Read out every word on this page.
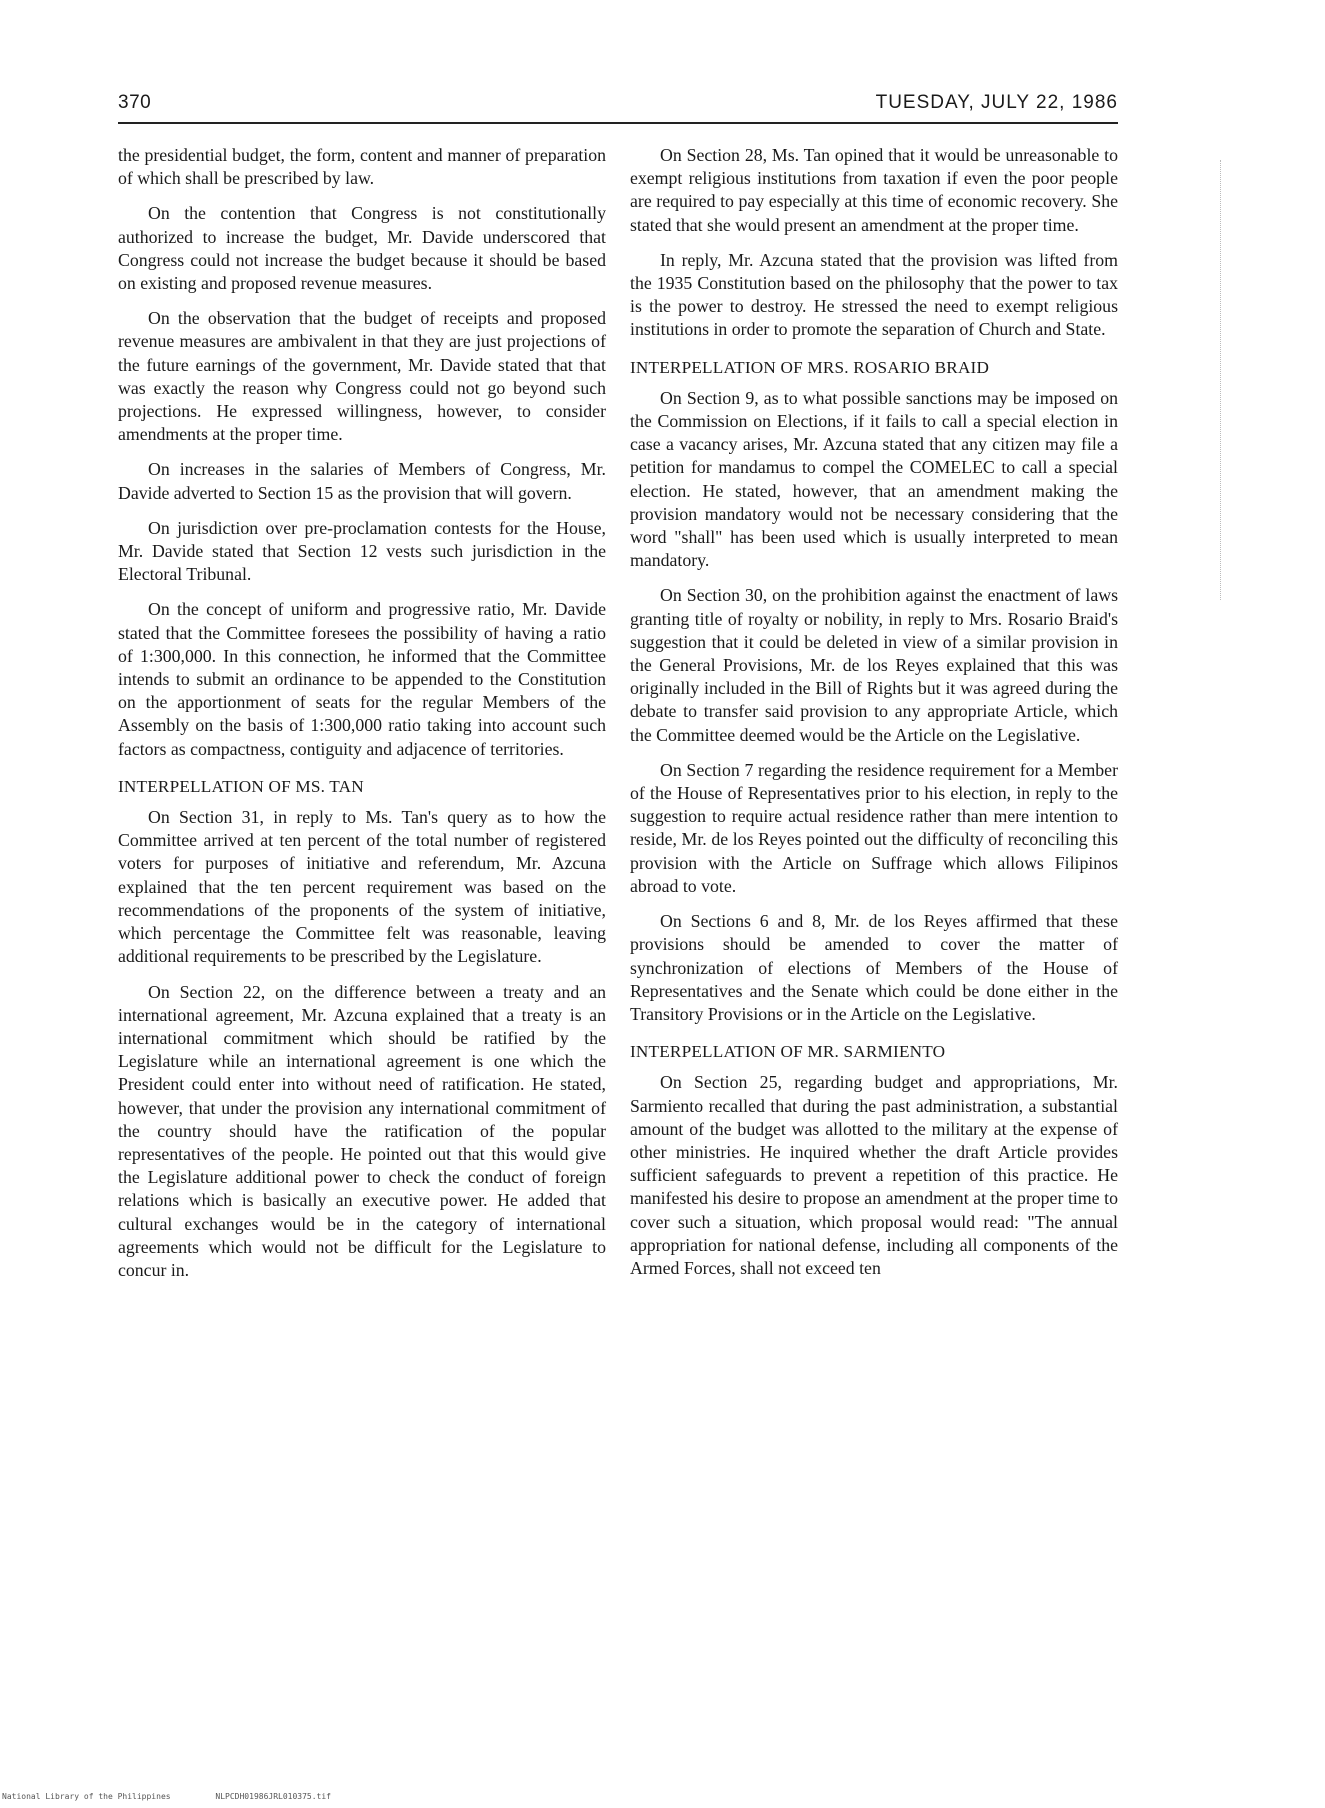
370	TUESDAY, JULY 22, 1986

the presidential budget, the form, content and manner of preparation of which shall be prescribed by law.

On the contention that Congress is not constitutionally authorized to increase the budget, Mr. Davide underscored that Congress could not increase the budget because it should be based on existing and proposed revenue measures.

On the observation that the budget of receipts and proposed revenue measures are ambivalent in that they are just projections of the future earnings of the government, Mr. Davide stated that that was exactly the reason why Congress could not go beyond such projections. He expressed willingness, however, to consider amendments at the proper time.

On increases in the salaries of Members of Congress, Mr. Davide adverted to Section 15 as the provision that will govern.

On jurisdiction over pre-proclamation contests for the House, Mr. Davide stated that Section 12 vests such jurisdiction in the Electoral Tribunal.

On the concept of uniform and progressive ratio, Mr. Davide stated that the Committee foresees the possibility of having a ratio of 1:300,000. In this connection, he informed that the Committee intends to submit an ordinance to be appended to the Constitution on the apportionment of seats for the regular Members of the Assembly on the basis of 1:300,000 ratio taking into account such factors as compactness, contiguity and adjacence of territories.

INTERPELLATION OF MS. TAN

On Section 31, in reply to Ms. Tan's query as to how the Committee arrived at ten percent of the total number of registered voters for purposes of initiative and referendum, Mr. Azcuna explained that the ten percent requirement was based on the recommendations of the proponents of the system of initiative, which percentage the Committee felt was reasonable, leaving additional requirements to be prescribed by the Legislature.

On Section 22, on the difference between a treaty and an international agreement, Mr. Azcuna explained that a treaty is an international commitment which should be ratified by the Legislature while an international agreement is one which the President could enter into without need of ratification. He stated, however, that under the provision any international commitment of the country should have the ratification of the popular representatives of the people. He pointed out that this would give the Legislature additional power to check the conduct of foreign relations which is basically an executive power. He added that cultural exchanges would be in the category of international agreements which would not be difficult for the Legislature to concur in.

On Section 28, Ms. Tan opined that it would be unreasonable to exempt religious institutions from taxation if even the poor people are required to pay especially at this time of economic recovery. She stated that she would present an amendment at the proper time.

In reply, Mr. Azcuna stated that the provision was lifted from the 1935 Constitution based on the philosophy that the power to tax is the power to destroy. He stressed the need to exempt religious institutions in order to promote the separation of Church and State.

INTERPELLATION OF MRS. ROSARIO BRAID

On Section 9, as to what possible sanctions may be imposed on the Commission on Elections, if it fails to call a special election in case a vacancy arises, Mr. Azcuna stated that any citizen may file a petition for mandamus to compel the COMELEC to call a special election. He stated, however, that an amendment making the provision mandatory would not be necessary considering that the word "shall" has been used which is usually interpreted to mean mandatory.

On Section 30, on the prohibition against the enactment of laws granting title of royalty or nobility, in reply to Mrs. Rosario Braid's suggestion that it could be deleted in view of a similar provision in the General Provisions, Mr. de los Reyes explained that this was originally included in the Bill of Rights but it was agreed during the debate to transfer said provision to any appropriate Article, which the Committee deemed would be the Article on the Legislative.

On Section 7 regarding the residence requirement for a Member of the House of Representatives prior to his election, in reply to the suggestion to require actual residence rather than mere intention to reside, Mr. de los Reyes pointed out the difficulty of reconciling this provision with the Article on Suffrage which allows Filipinos abroad to vote.

On Sections 6 and 8, Mr. de los Reyes affirmed that these provisions should be amended to cover the matter of synchronization of elections of Members of the House of Representatives and the Senate which could be done either in the Transitory Provisions or in the Article on the Legislative.

INTERPELLATION OF MR. SARMIENTO

On Section 25, regarding budget and appropriations, Mr. Sarmiento recalled that during the past administration, a substantial amount of the budget was allotted to the military at the expense of other ministries. He inquired whether the draft Article provides sufficient safeguards to prevent a repetition of this practice. He manifested his desire to propose an amendment at the proper time to cover such a situation, which proposal would read: "The annual appropriation for national defense, including all components of the Armed Forces, shall not exceed ten

National Library of the Philippines	NLPCDH01986JRL010375.tif
